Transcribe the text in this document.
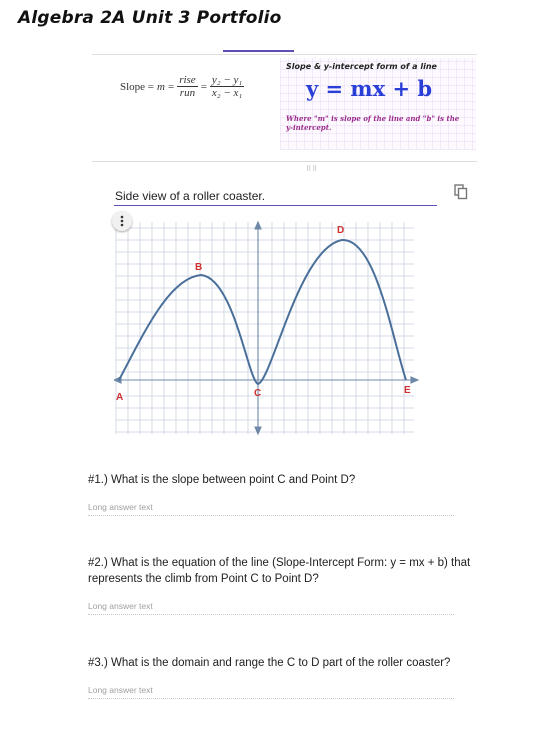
Algebra 2A Unit 3 Portfolio
Slope = $m = \frac{\text{rise}}{\text{run}} = \frac{\text{y₂ − y₁}}{\text{x₂ − x₁}}$
Slope & y-intercept form of a line
y = mx + b
Where "m" is slope of the line and "b" is the y-intercept.
⠿⠿
Side view of a roller coaster.
A
B
C
D
E
#1.) What is the slope between point C and Point D?
Long answer text
#2.) What is the equation of the line (Slope-Intercept Form: y = mx + b) that represents the climb from Point C to Point D?
Long answer text
#3.) What is the domain and range the C to D part of the roller coaster?
Long answer text
